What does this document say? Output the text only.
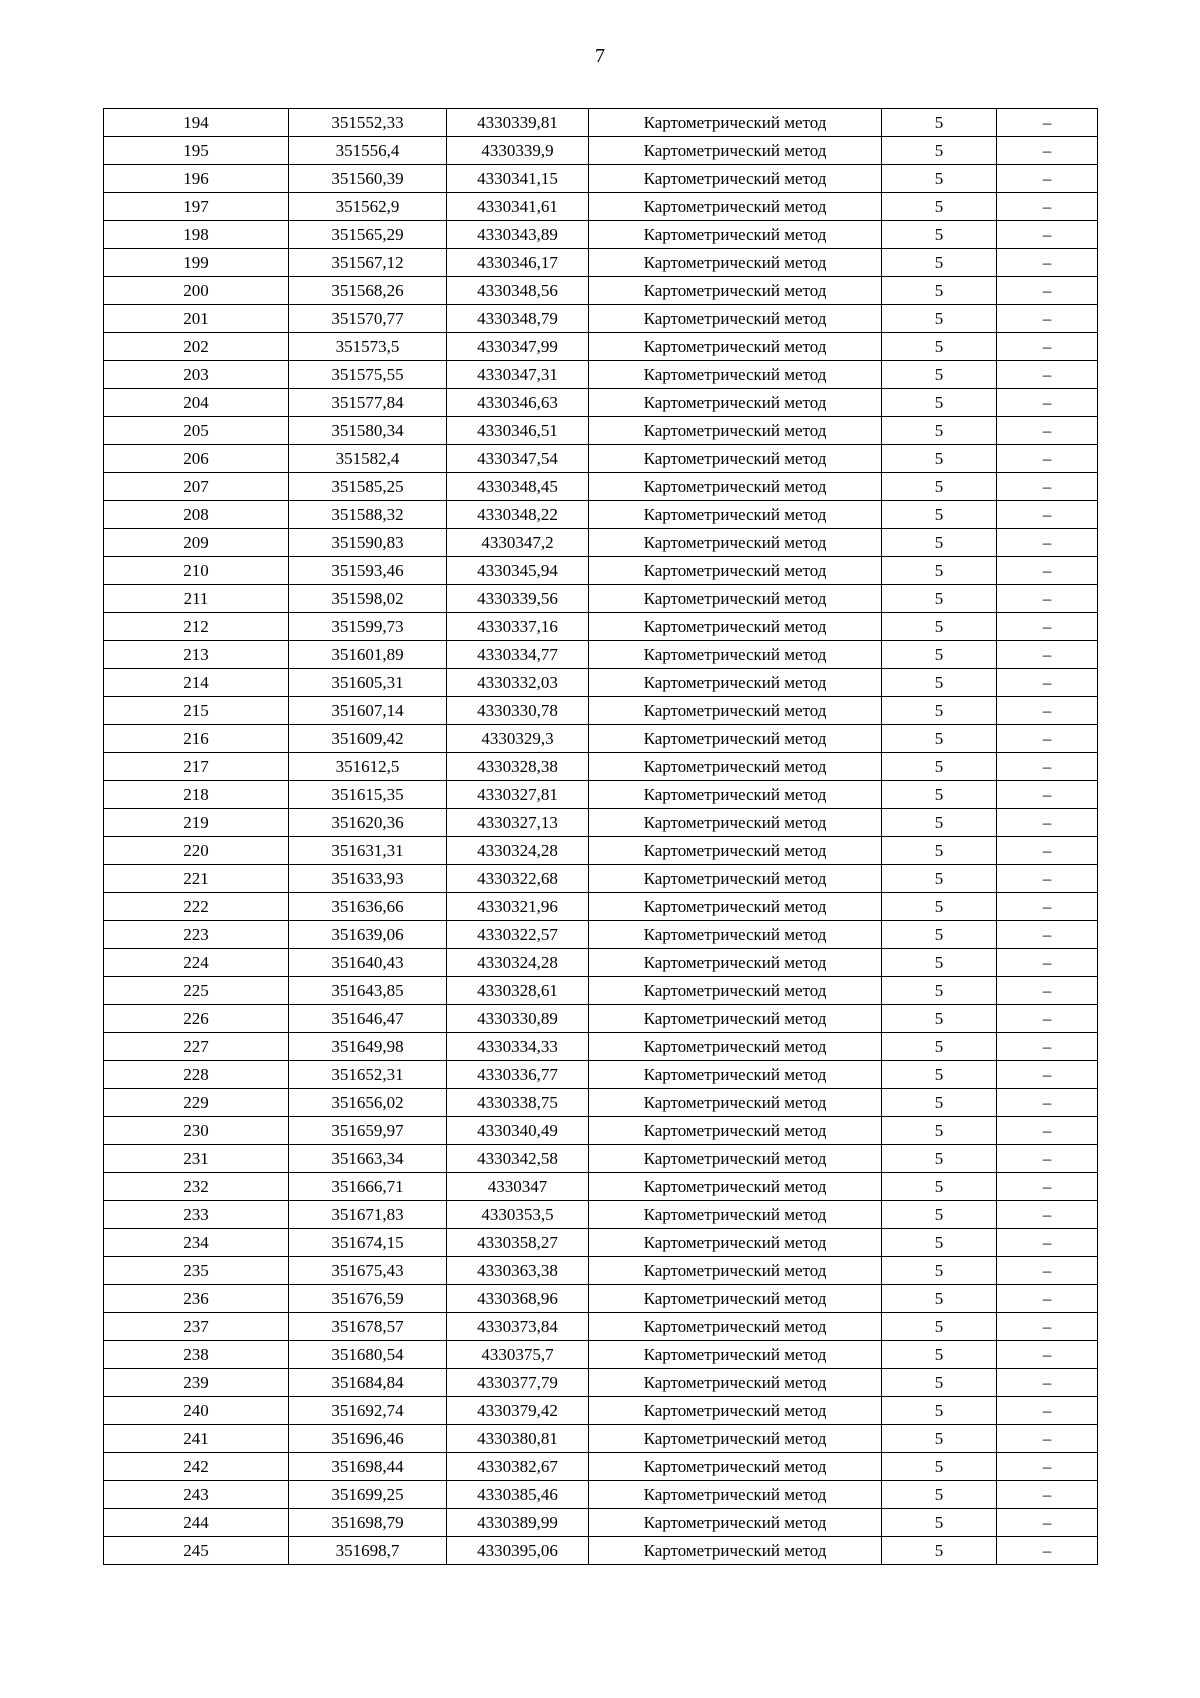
7
194	351552,33	4330339,81	Картометрический метод	5	–
195	351556,4	4330339,9	Картометрический метод	5	–
196	351560,39	4330341,15	Картометрический метод	5	–
197	351562,9	4330341,61	Картометрический метод	5	–
198	351565,29	4330343,89	Картометрический метод	5	–
199	351567,12	4330346,17	Картометрический метод	5	–
200	351568,26	4330348,56	Картометрический метод	5	–
201	351570,77	4330348,79	Картометрический метод	5	–
202	351573,5	4330347,99	Картометрический метод	5	–
203	351575,55	4330347,31	Картометрический метод	5	–
204	351577,84	4330346,63	Картометрический метод	5	–
205	351580,34	4330346,51	Картометрический метод	5	–
206	351582,4	4330347,54	Картометрический метод	5	–
207	351585,25	4330348,45	Картометрический метод	5	–
208	351588,32	4330348,22	Картометрический метод	5	–
209	351590,83	4330347,2	Картометрический метод	5	–
210	351593,46	4330345,94	Картометрический метод	5	–
211	351598,02	4330339,56	Картометрический метод	5	–
212	351599,73	4330337,16	Картометрический метод	5	–
213	351601,89	4330334,77	Картометрический метод	5	–
214	351605,31	4330332,03	Картометрический метод	5	–
215	351607,14	4330330,78	Картометрический метод	5	–
216	351609,42	4330329,3	Картометрический метод	5	–
217	351612,5	4330328,38	Картометрический метод	5	–
218	351615,35	4330327,81	Картометрический метод	5	–
219	351620,36	4330327,13	Картометрический метод	5	–
220	351631,31	4330324,28	Картометрический метод	5	–
221	351633,93	4330322,68	Картометрический метод	5	–
222	351636,66	4330321,96	Картометрический метод	5	–
223	351639,06	4330322,57	Картометрический метод	5	–
224	351640,43	4330324,28	Картометрический метод	5	–
225	351643,85	4330328,61	Картометрический метод	5	–
226	351646,47	4330330,89	Картометрический метод	5	–
227	351649,98	4330334,33	Картометрический метод	5	–
228	351652,31	4330336,77	Картометрический метод	5	–
229	351656,02	4330338,75	Картометрический метод	5	–
230	351659,97	4330340,49	Картометрический метод	5	–
231	351663,34	4330342,58	Картометрический метод	5	–
232	351666,71	4330347	Картометрический метод	5	–
233	351671,83	4330353,5	Картометрический метод	5	–
234	351674,15	4330358,27	Картометрический метод	5	–
235	351675,43	4330363,38	Картометрический метод	5	–
236	351676,59	4330368,96	Картометрический метод	5	–
237	351678,57	4330373,84	Картометрический метод	5	–
238	351680,54	4330375,7	Картометрический метод	5	–
239	351684,84	4330377,79	Картометрический метод	5	–
240	351692,74	4330379,42	Картометрический метод	5	–
241	351696,46	4330380,81	Картометрический метод	5	–
242	351698,44	4330382,67	Картометрический метод	5	–
243	351699,25	4330385,46	Картометрический метод	5	–
244	351698,79	4330389,99	Картометрический метод	5	–
245	351698,7	4330395,06	Картометрический метод	5	–
